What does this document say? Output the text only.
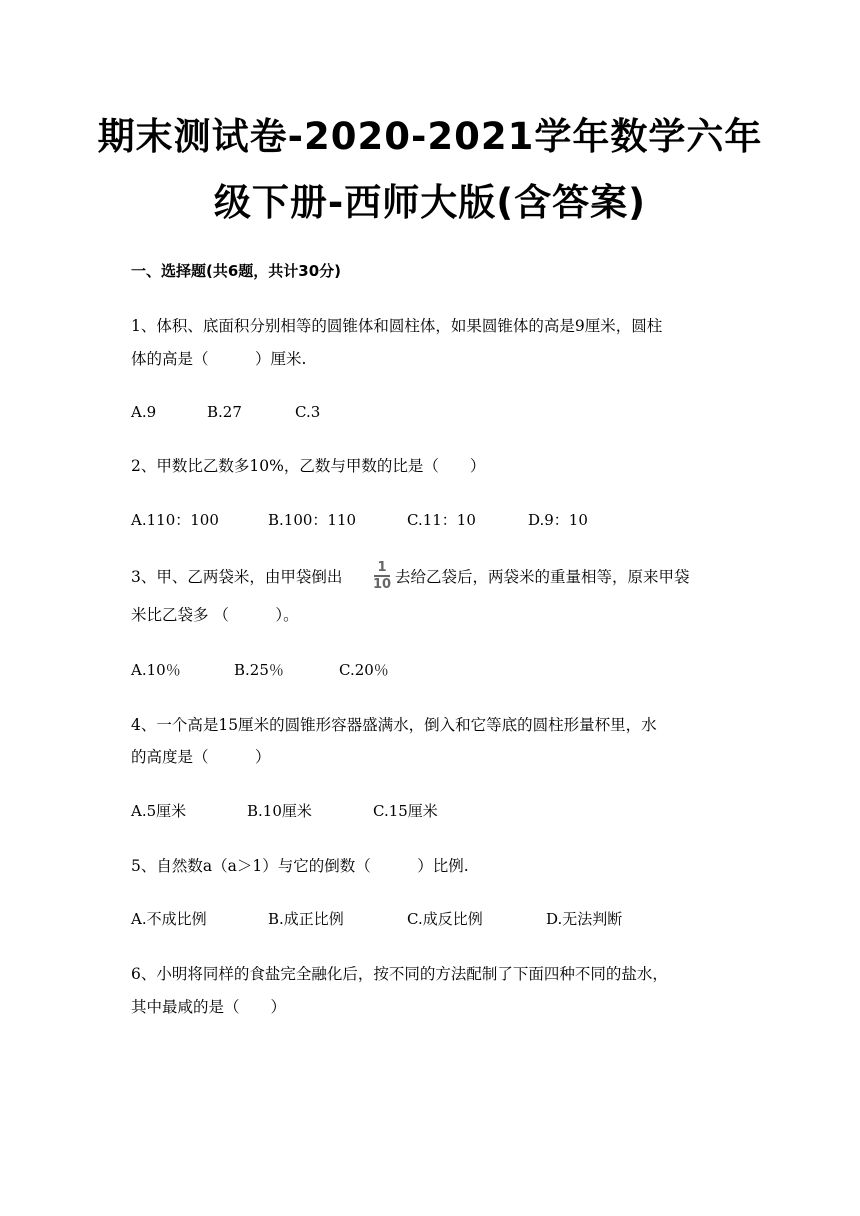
期末测试卷-2020-2021学年数学六年
级下册-西师大版(含答案)
一、选择题(共6题，共计30分)
1、体积、底面积分别相等的圆锥体和圆柱体，如果圆锥体的高是9厘米，圆柱
体的高是（　　　）厘米.
A.9	B.27	C.3
2、甲数比乙数多10%，乙数与甲数的比是（　　）
A.110：100	B.100：110	C.11：10	D.9：10
3、甲、乙两袋米，由甲袋倒出
1
10 去给乙袋后，两袋米的重量相等，原来甲袋
米比乙袋多 （　　　）。
A.10％	B.25％	C.20％
4、一个高是15厘米的圆锥形容器盛满水，倒入和它等底的圆柱形量杯里，水
的高度是（　　　）
A.5厘米	B.10厘米	C.15厘米
5、自然数a（a＞1）与它的倒数（　　　）比例.
A.不成比例	B.成正比例	C.成反比例	D.无法判断
6、小明将同样的食盐完全融化后，按不同的方法配制了下面四种不同的盐水，
其中最咸的是（　　）
